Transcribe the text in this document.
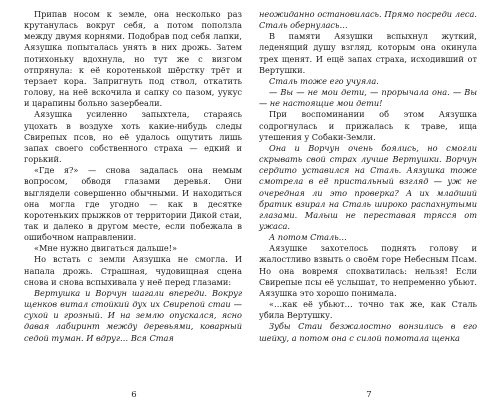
Припав носом к земле, она несколько раз крутанулась вокруг себя, а потом поползла между двумя корнями. Подобрав под себя лапки, Аязушка попыталась унять в них дрожь. Затем потихоньку вдохнула, но тут же с визгом отпрянула: к её коротенькой шёрстку трёт и терзает кора. Запригнуть под ствол, откатить голову, на неё вскочила и сапку со пазом, уукус и царапины больно зазербеали.

Аязушка усиленно запыхтела, стараясь уцохать в воздухе хоть какие-нибудь следы Свирепых псов, но её удалось ощутить лишь запах своего собственного страха — едкий и горький.

«Где я?» — снова задалась она немым вопросом, обводя глазами деревья. Они выглядели совершенно обычными. И находиться она могла где угодно — как в десятке коротеньких прыжков от территории Дикой стаи, так и далеко в другом месте, если побежала в ошибочном направлении.

«Мне нужно двигаться дальше!»

Но встать с земли Аязушка не смогла. И напала дрожь. Страшная, чудовищная сцена снова и снова вспыхивала у неё перед глазами:

Вертушка и Ворчун шагали впереди. Вокруг щенков витал стойкий дух их Свирепой стаи — сухой и грозный. И на землю опускался, ясно давая лабиринт между деревьями, коварный седой туман. И вдруг… Вся Стая

6

неожиданно остановилась. Прямо посреди леса. Сталь обернулась…

В памяти Аязушки вспыхнул жуткий, леденящий душу взгляд, которым она окинула трех щенят. И ещё запах страха, исходивший от Вертушки.

Сталь тоже его учуяла.

— Вы — не мои дети, — прорычала она. — Вы — не настоящие мои дети!

При воспоминании об этом Аязушка содрогнулась и прижалась к траве, ища утешения у Собаки-Земли.

Она и Ворчун очень боялись, но смогли скрывать свой страх лучше Вертушки. Ворчун сердито уставился на Сталь. Аязушка тоже смотрела в её пристальный взгляд — уж не очередная ли это проверка? А их младший братик взирал на Сталь широко распахнутыми глазами. Малыш не переставая трясся от ужаса.

А потом Сталь…

Аязушке захотелось поднять голову и жалостливо взвыть о своём горе Небесным Псам. Но она вовремя спохватилась: нельзя! Если Свирепые псы её услышат, то непременно убьют. Аязушка это хорошо понимала.

«…как её убьют… точно так же, как Сталь убила Вертушку.

Зубы Стаи безжалостно вонзились в его шейку, а потом она с силой помотала щенка

7
